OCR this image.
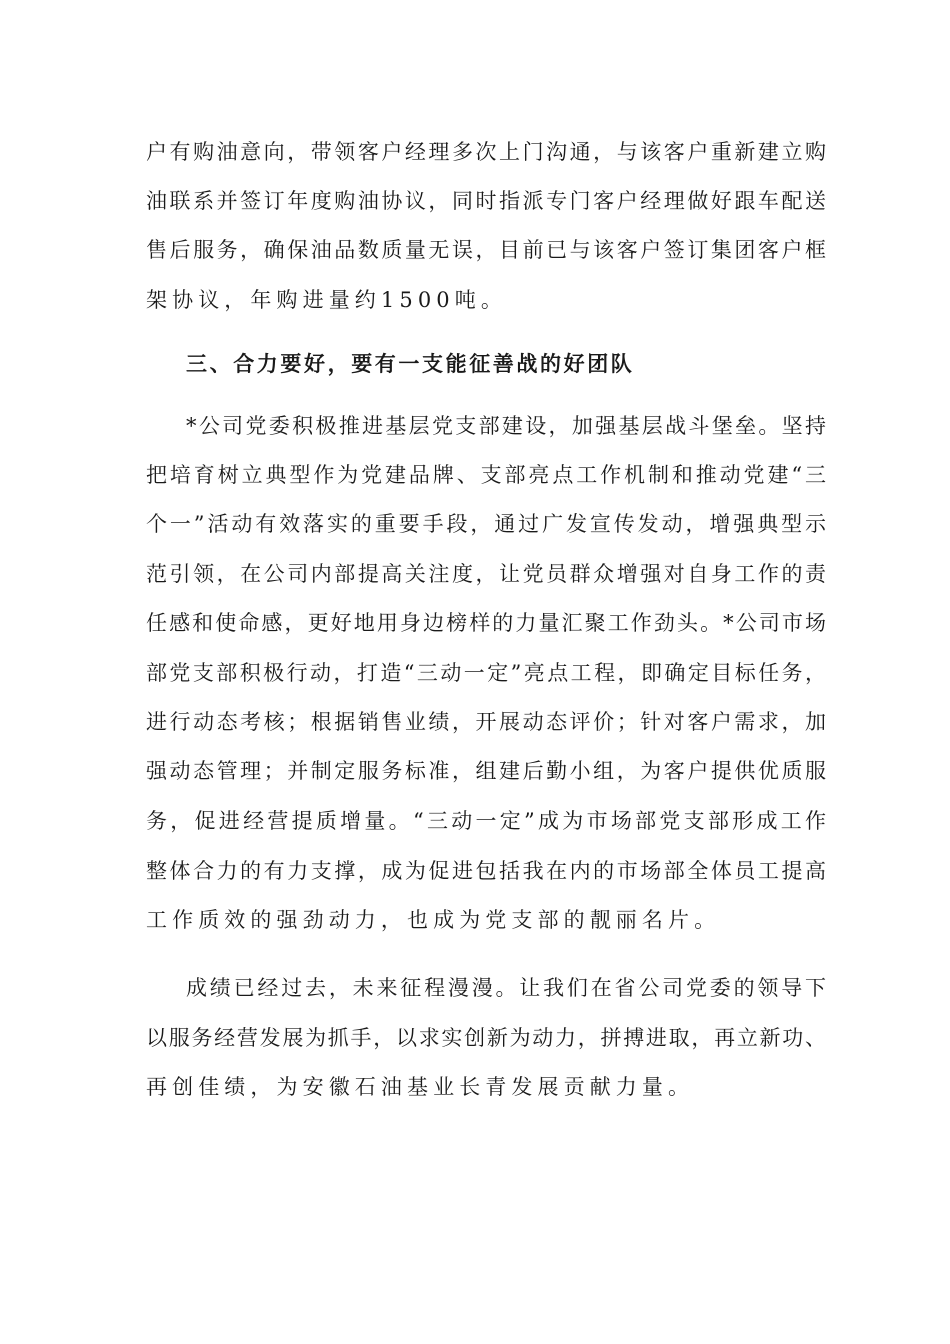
户有购油意向，带领客户经理多次上门沟通，与该客户重新建立购
油联系并签订年度购油协议，同时指派专门客户经理做好跟车配送
售后服务，确保油品数质量无误，目前已与该客户签订集团客户框
架协议，年购进量约1500吨。
三、合力要好，要有一支能征善战的好团队
*公司党委积极推进基层党支部建设，加强基层战斗堡垒。坚持
把培育树立典型作为党建品牌、支部亮点工作机制和推动党建“三
个一”活动有效落实的重要手段，通过广发宣传发动，增强典型示
范引领，在公司内部提高关注度，让党员群众增强对自身工作的责
任感和使命感，更好地用身边榜样的力量汇聚工作劲头。*公司市场
部党支部积极行动，打造“三动一定”亮点工程，即确定目标任务，
进行动态考核；根据销售业绩，开展动态评价；针对客户需求，加
强动态管理；并制定服务标准，组建后勤小组，为客户提供优质服
务，促进经营提质增量。“三动一定”成为市场部党支部形成工作
整体合力的有力支撑，成为促进包括我在内的市场部全体员工提高
工作质效的强劲动力，也成为党支部的靓丽名片。
成绩已经过去，未来征程漫漫。让我们在省公司党委的领导下
以服务经营发展为抓手，以求实创新为动力，拼搏进取，再立新功、
再创佳绩，为安徽石油基业长青发展贡献力量。
